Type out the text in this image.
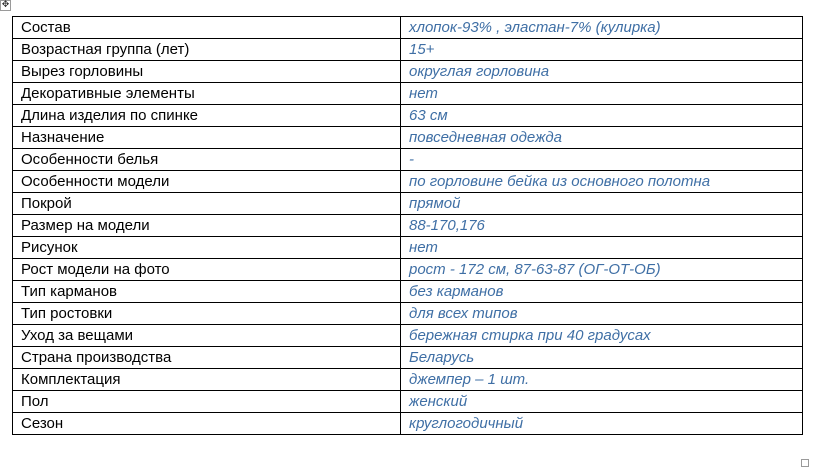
✥
Состав	хлопок-93% , эластан-7% (кулирка)
Возрастная группа (лет)	15+
Вырез горловины	округлая горловина
Декоративные элементы	нет
Длина изделия по спинке	63 см
Назначение	повседневная одежда
Особенности белья	-
Особенности модели	по горловине бейка из основного полотна
Покрой	прямой
Размер на модели	88-170,176
Рисунок	нет
Рост модели на фото	рост - 172 см, 87-63-87 (ОГ-ОТ-ОБ)
Тип карманов	без карманов
Тип ростовки	для всех типов
Уход за вещами	бережная стирка при 40 градусах
Страна производства	Беларусь
Комплектация	джемпер – 1 шт.
Пол	женский
Сезон	круглогодичный
